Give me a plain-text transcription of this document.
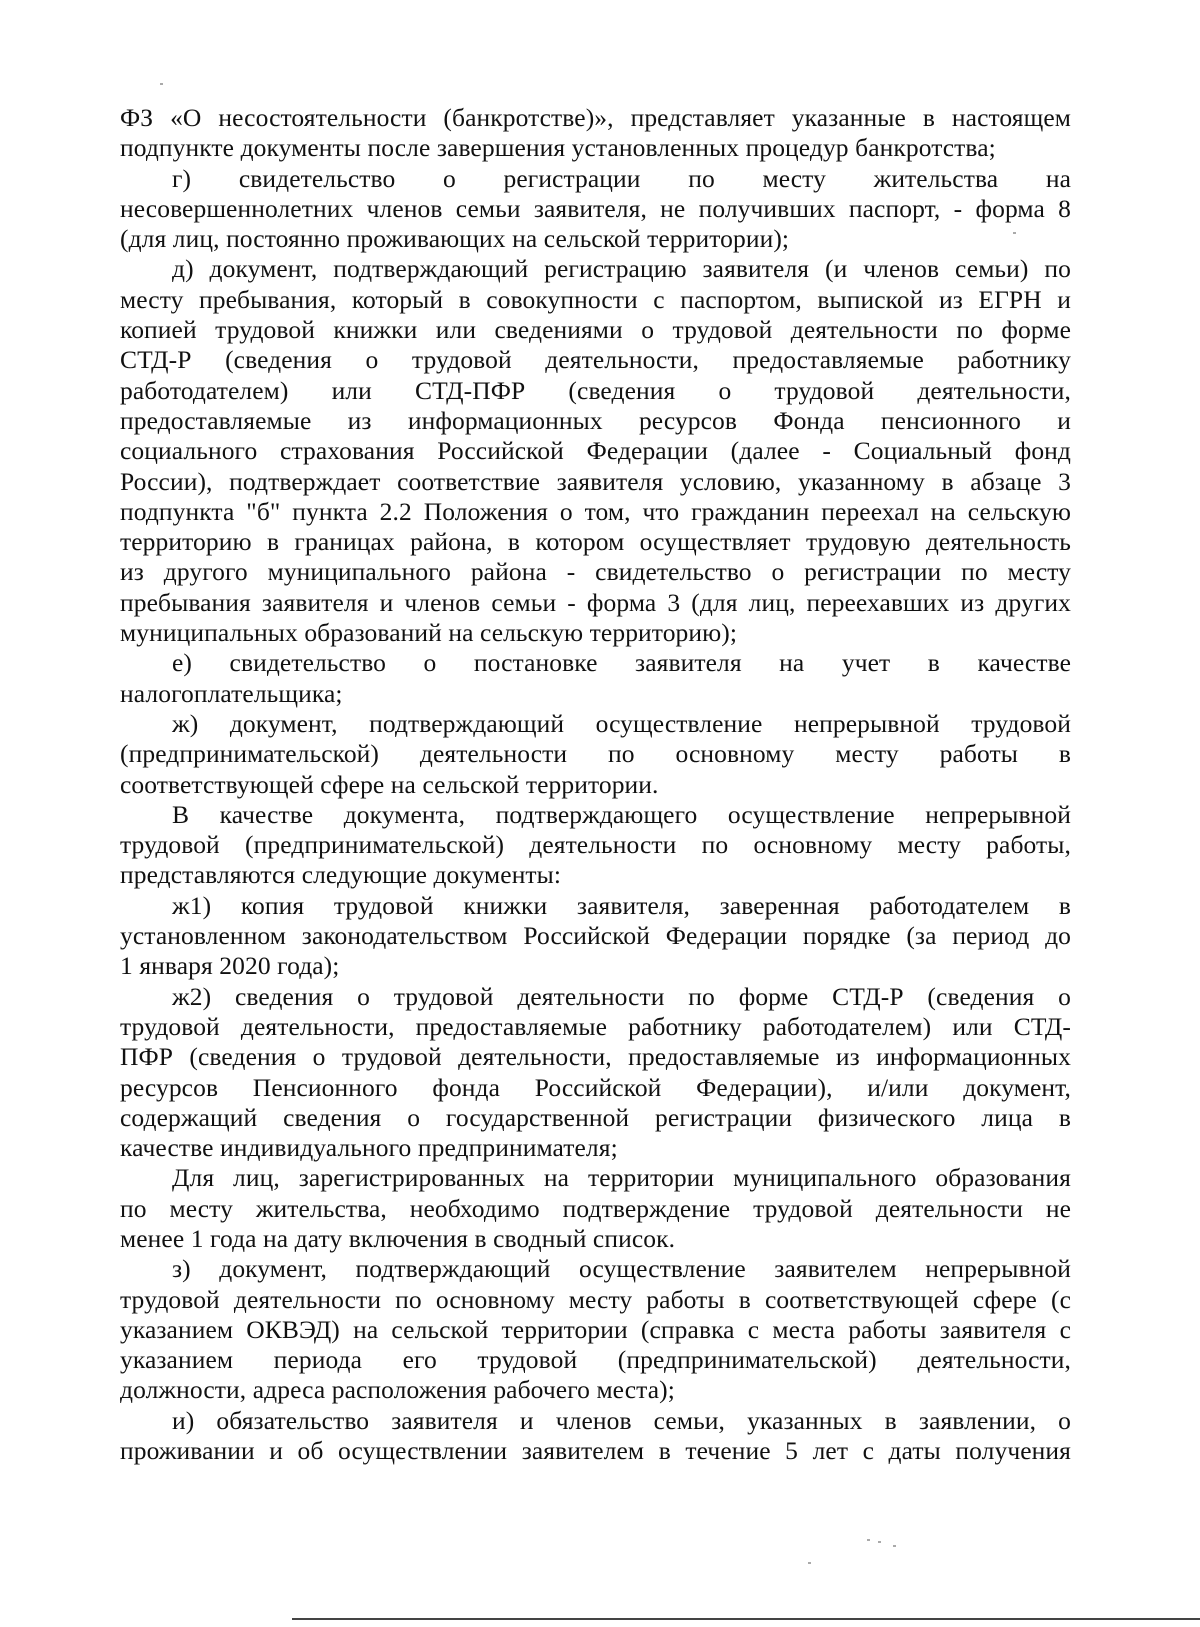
ФЗ «О несостоятельности (банкротстве)», представляет указанные в настоящем
подпункте документы после завершения установленных процедур банкротства;
г) свидетельство о регистрации по месту жительства на
несовершеннолетних членов семьи заявителя, не получивших паспорт, - форма 8
(для лиц, постоянно проживающих на сельской территории);
д) документ, подтверждающий регистрацию заявителя (и членов семьи) по
месту пребывания, который в совокупности с паспортом, выпиской из ЕГРН и
копией трудовой книжки или сведениями о трудовой деятельности по форме
СТД-Р (сведения о трудовой деятельности, предоставляемые работнику
работодателем) или СТД-ПФР (сведения о трудовой деятельности,
предоставляемые из информационных ресурсов Фонда пенсионного и
социального страхования Российской Федерации (далее - Социальный фонд
России), подтверждает соответствие заявителя условию, указанному в абзаце 3
подпункта "б" пункта 2.2 Положения о том, что гражданин переехал на сельскую
территорию в границах района, в котором осуществляет трудовую деятельность
из другого муниципального района - свидетельство о регистрации по месту
пребывания заявителя и членов семьи - форма 3 (для лиц, переехавших из других
муниципальных образований на сельскую территорию);
е) свидетельство о постановке заявителя на учет в качестве
налогоплательщика;
ж) документ, подтверждающий осуществление непрерывной трудовой
(предпринимательской) деятельности по основному месту работы в
соответствующей сфере на сельской территории.
В качестве документа, подтверждающего осуществление непрерывной
трудовой (предпринимательской) деятельности по основному месту работы,
представляются следующие документы:
ж1) копия трудовой книжки заявителя, заверенная работодателем в
установленном законодательством Российской Федерации порядке (за период до
1 января 2020 года);
ж2) сведения о трудовой деятельности по форме СТД-Р (сведения о
трудовой деятельности, предоставляемые работнику работодателем) или СТД-
ПФР (сведения о трудовой деятельности, предоставляемые из информационных
ресурсов Пенсионного фонда Российской Федерации), и/или документ,
содержащий сведения о государственной регистрации физического лица в
качестве индивидуального предпринимателя;
Для лиц, зарегистрированных на территории муниципального образования
по месту жительства, необходимо подтверждение трудовой деятельности не
менее 1 года на дату включения в сводный список.
з) документ, подтверждающий осуществление заявителем непрерывной
трудовой деятельности по основному месту работы в соответствующей сфере (с
указанием ОКВЭД) на сельской территории (справка с места работы заявителя с
указанием периода его трудовой (предпринимательской) деятельности,
должности, адреса расположения рабочего места);
и) обязательство заявителя и членов семьи, указанных в заявлении, о
проживании и об осуществлении заявителем в течение 5 лет с даты получения
